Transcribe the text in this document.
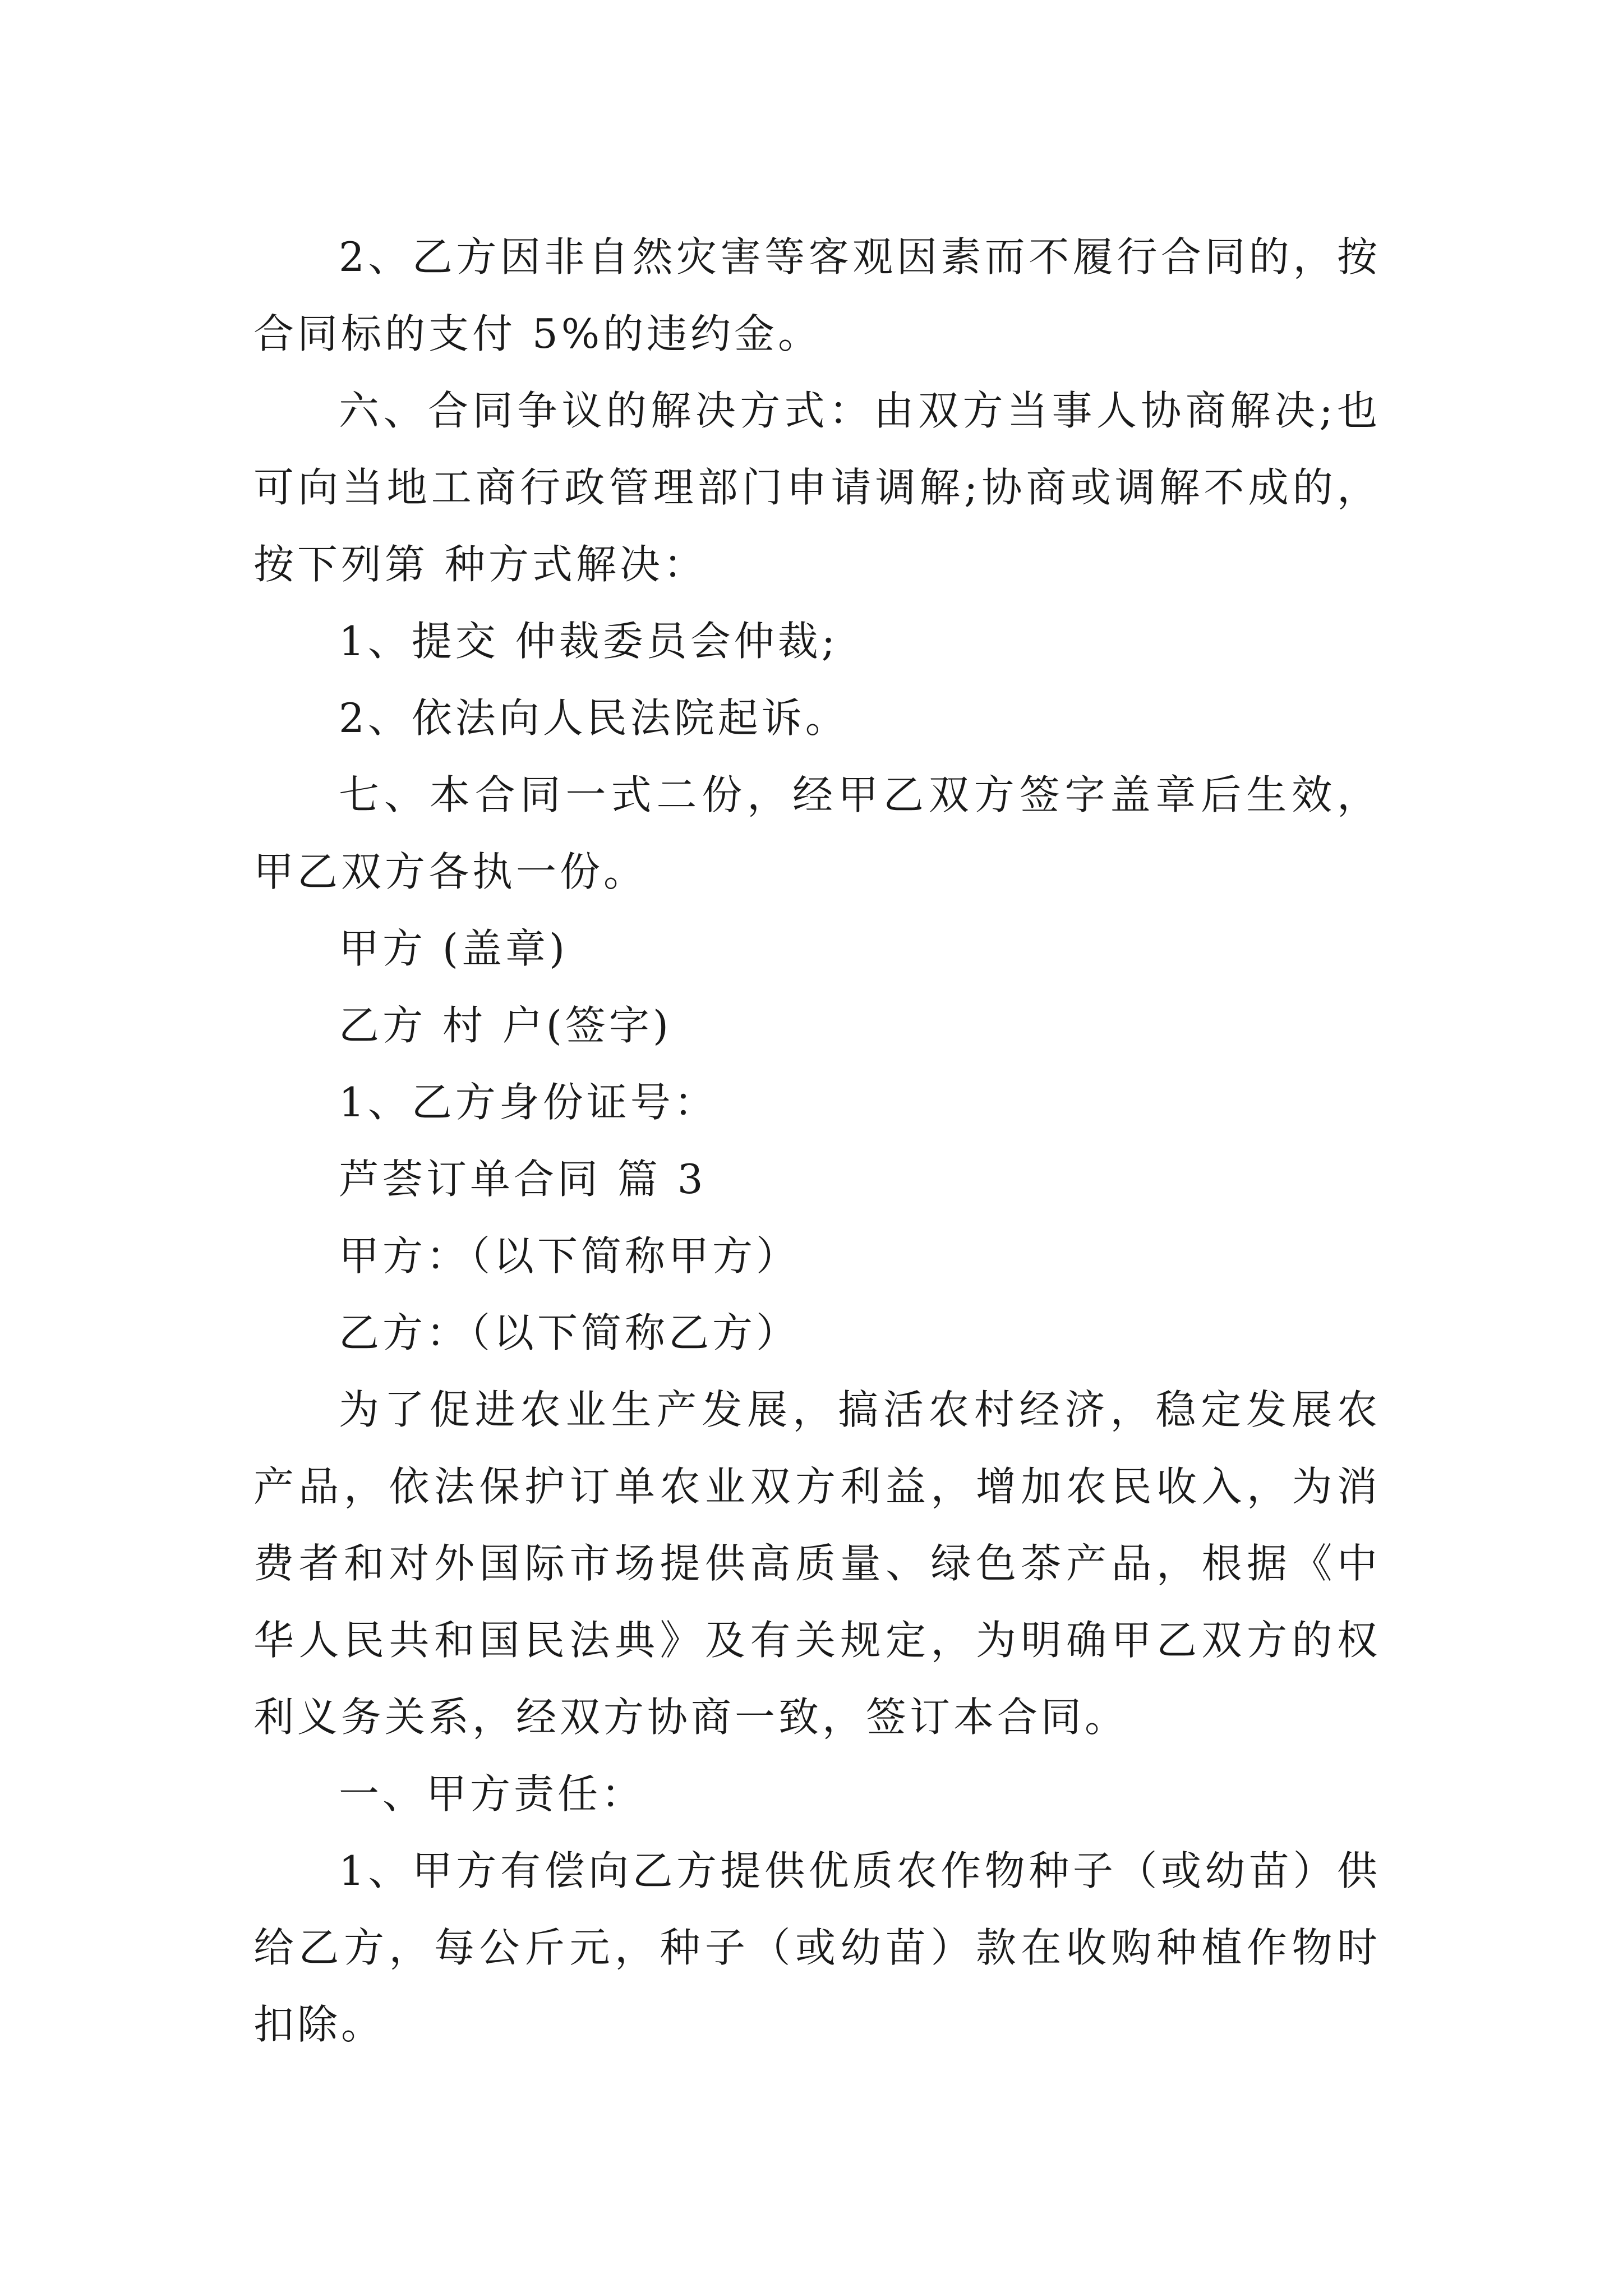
2、乙方因非自然灾害等客观因素而不履行合同的，按合同标的支付 5%的违约金。

六、合同争议的解决方式：由双方当事人协商解决;也可向当地工商行政管理部门申请调解;协商或调解不成的，按下列第 种方式解决：

1、提交 仲裁委员会仲裁;

2、依法向人民法院起诉。

七、本合同一式二份，经甲乙双方签字盖章后生效，甲乙双方各执一份。

甲方 (盖章)

乙方 村 户(签字)

1、乙方身份证号：

芦荟订单合同 篇 3

甲方：（以下简称甲方）

乙方：（以下简称乙方）

为了促进农业生产发展，搞活农村经济，稳定发展农产品，依法保护订单农业双方利益，增加农民收入，为消费者和对外国际市场提供高质量、绿色茶产品，根据《中华人民共和国民法典》及有关规定，为明确甲乙双方的权利义务关系，经双方协商一致，签订本合同。

一、甲方责任：

1、甲方有偿向乙方提供优质农作物种子（或幼苗）供给乙方，每公斤元，种子（或幼苗）款在收购种植作物时扣除。
